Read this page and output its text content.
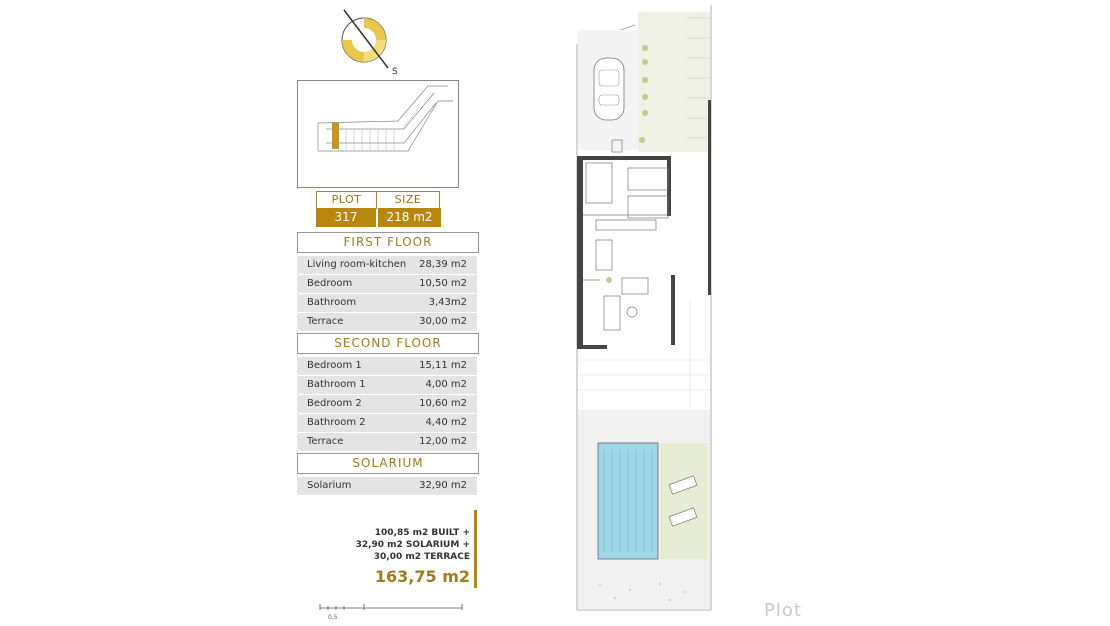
S
PLOT	SIZE
317	218 m2
FIRST FLOOR
Living room-kitchen 28,39 m2
Bedroom	10,50 m2
Bathroom	3,43m2
Terrace	30,00 m2
SECOND FLOOR
Bedroom 1	15,11 m2
Bathroom 1	4,00 m2
Bedroom 2	10,60 m2
Bathroom 2	4,40 m2
Terrace	12,00 m2
SOLARIUM
Solarium	32,90 m2
100,85 m2 BUILT +
32,90 m2 SOLARIUM +
30,00 m2 TERRACE
163,75 m2
0,5	Plot
